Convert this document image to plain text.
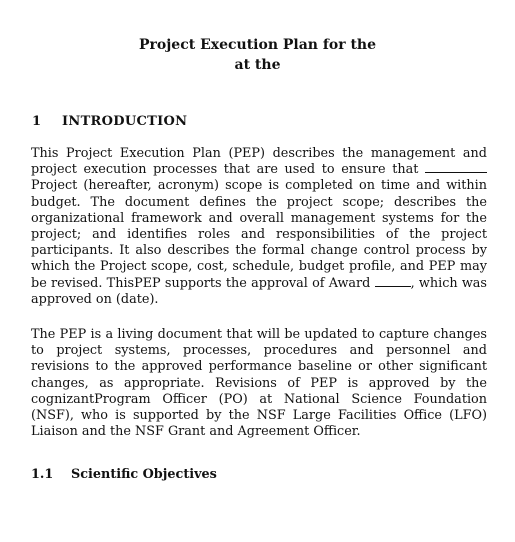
Project Execution Plan for the
at the
1 INTRODUCTION

This Project Execution Plan (PEP) describes the management and project execution processes that are used to ensure that Project (hereafter, acronym) scope is completed on time and within budget. The document defines the project scope; describes the organizational framework and overall management systems for the project; and identifies roles and responsibilities of the project participants. It also describes the formal change control process by which the Project scope, cost, schedule, budget profile, and PEP may be revised. ThisPEP supports the approval of Award	, which was approved on (date).

The PEP is a living document that will be updated to capture changes to project systems, processes, procedures and personnel and revisions to the approved performance baseline or other significant changes, as appropriate. Revisions of PEP is approved by the cognizantProgram Officer (PO) at National Science Foundation (NSF), who is supported by the NSF Large Facilities Office (LFO) Liaison and the NSF Grant and Agreement Officer.

1.1 Scientific Objectives
